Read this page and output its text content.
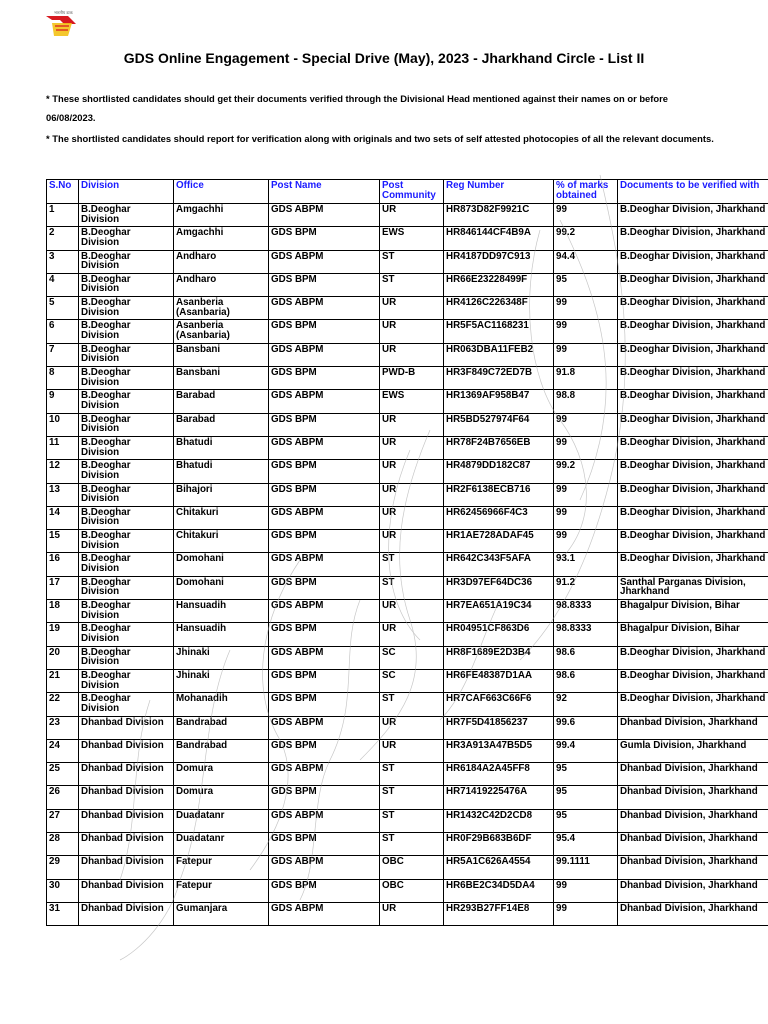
भारतीय डाक
GDS Online Engagement - Special Drive (May), 2023 - Jharkhand Circle - List II

* These shortlisted candidates should get their documents verified through the Divisional Head mentioned against their names on or before 06/08/2023.

* The shortlisted candidates should report for verification along with originals and two sets of self attested photocopies of all the relevant documents.

S.No	Division	Office	Post Name	Post Community	Reg Number	% of marks obtained	Documents to be verified with
1	B.Deoghar Division	Amgachhi	GDS ABPM	UR	HR873D82F9921C	99	B.Deoghar Division, Jharkhand
2	B.Deoghar Division	Amgachhi	GDS BPM	EWS	HR846144CF4B9A	99.2	B.Deoghar Division, Jharkhand
3	B.Deoghar Division	Andharo	GDS ABPM	ST	HR4187DD97C913	94.4	B.Deoghar Division, Jharkhand
4	B.Deoghar Division	Andharo	GDS BPM	ST	HR66E23228499F	95	B.Deoghar Division, Jharkhand
5	B.Deoghar Division	Asanberia (Asanbaria)	GDS ABPM	UR	HR4126C226348F	99	B.Deoghar Division, Jharkhand
6	B.Deoghar Division	Asanberia (Asanbaria)	GDS BPM	UR	HR5F5AC1168231	99	B.Deoghar Division, Jharkhand
7	B.Deoghar Division	Bansbani	GDS ABPM	UR	HR063DBA11FEB2	99	B.Deoghar Division, Jharkhand
8	B.Deoghar Division	Bansbani	GDS BPM	PWD-B	HR3F849C72ED7B	91.8	B.Deoghar Division, Jharkhand
9	B.Deoghar Division	Barabad	GDS ABPM	EWS	HR1369AF958B47	98.8	B.Deoghar Division, Jharkhand
10	B.Deoghar Division	Barabad	GDS BPM	UR	HR5BD527974F64	99	B.Deoghar Division, Jharkhand
11	B.Deoghar Division	Bhatudi	GDS ABPM	UR	HR78F24B7656EB	99	B.Deoghar Division, Jharkhand
12	B.Deoghar Division	Bhatudi	GDS BPM	UR	HR4879DD182C87	99.2	B.Deoghar Division, Jharkhand
13	B.Deoghar Division	Bihajori	GDS BPM	UR	HR2F6138ECB716	99	B.Deoghar Division, Jharkhand
14	B.Deoghar Division	Chitakuri	GDS ABPM	UR	HR62456966F4C3	99	B.Deoghar Division, Jharkhand
15	B.Deoghar Division	Chitakuri	GDS BPM	UR	HR1AE728ADAF45	99	B.Deoghar Division, Jharkhand
16	B.Deoghar Division	Domohani	GDS ABPM	ST	HR642C343F5AFA	93.1	B.Deoghar Division, Jharkhand
17	B.Deoghar Division	Domohani	GDS BPM	ST	HR3D97EF64DC36	91.2	Santhal Parganas Division, Jharkhand
18	B.Deoghar Division	Hansuadih	GDS ABPM	UR	HR7EA651A19C34	98.8333	Bhagalpur Division, Bihar
19	B.Deoghar Division	Hansuadih	GDS BPM	UR	HR04951CF863D6	98.8333	Bhagalpur Division, Bihar
20	B.Deoghar Division	Jhinaki	GDS ABPM	SC	HR8F1689E2D3B4	98.6	B.Deoghar Division, Jharkhand
21	B.Deoghar Division	Jhinaki	GDS BPM	SC	HR6FE48387D1AA	98.6	B.Deoghar Division, Jharkhand
22	B.Deoghar Division	Mohanadih	GDS BPM	ST	HR7CAF663C66F6	92	B.Deoghar Division, Jharkhand
23	Dhanbad Division	Bandrabad	GDS ABPM	UR	HR7F5D41856237	99.6	Dhanbad Division, Jharkhand
24	Dhanbad Division	Bandrabad	GDS BPM	UR	HR3A913A47B5D5	99.4	Gumla Division, Jharkhand
25	Dhanbad Division	Domura	GDS ABPM	ST	HR6184A2A45FF8	95	Dhanbad Division, Jharkhand
26	Dhanbad Division	Domura	GDS BPM	ST	HR71419225476A	95	Dhanbad Division, Jharkhand
27	Dhanbad Division	Duadatanr	GDS ABPM	ST	HR1432C42D2CD8	95	Dhanbad Division, Jharkhand
28	Dhanbad Division	Duadatanr	GDS BPM	ST	HR0F29B683B6DF	95.4	Dhanbad Division, Jharkhand
29	Dhanbad Division	Fatepur	GDS ABPM	OBC	HR5A1C626A4554	99.1111	Dhanbad Division, Jharkhand
30	Dhanbad Division	Fatepur	GDS BPM	OBC	HR6BE2C34D5DA4	99	Dhanbad Division, Jharkhand
31	Dhanbad Division	Gumanjara	GDS ABPM	UR	HR293B27FF14E8	99	Dhanbad Division, Jharkhand
